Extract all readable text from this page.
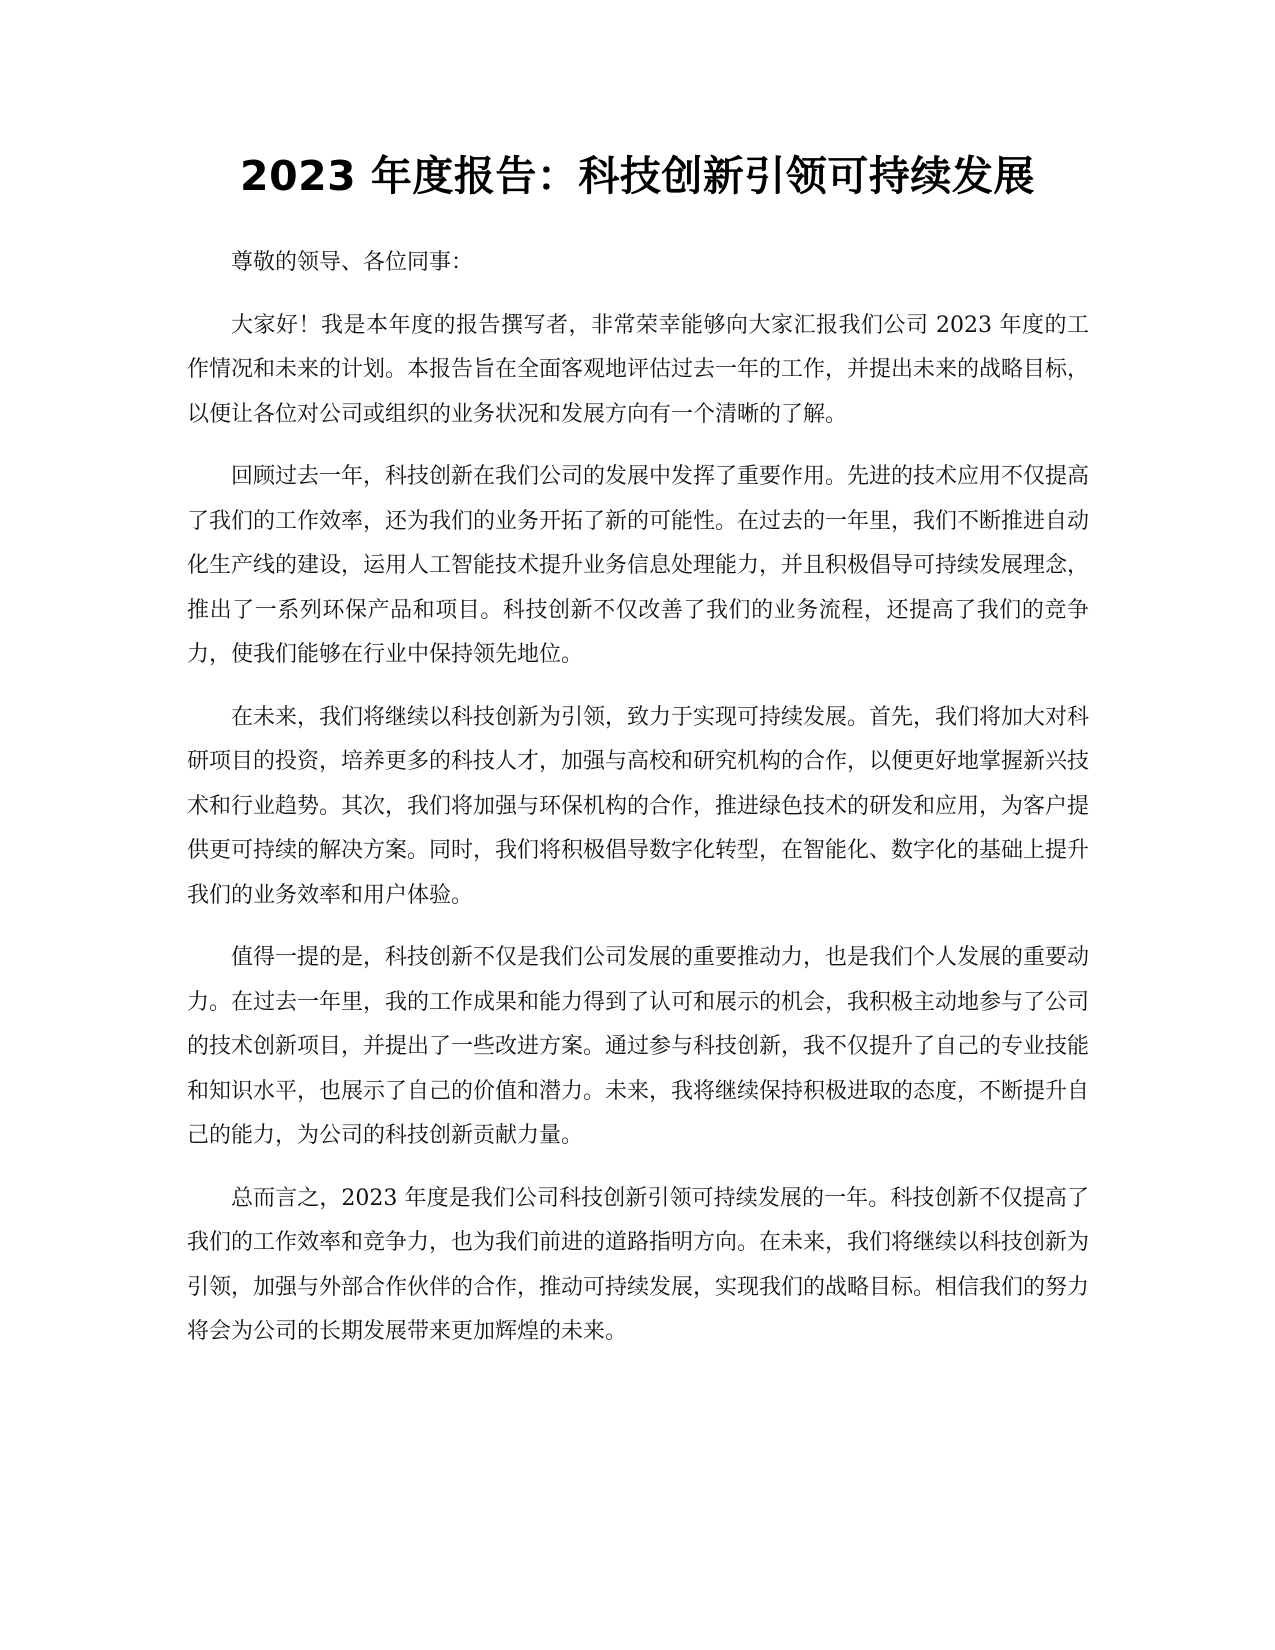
2023 年度报告：科技创新引领可持续发展

尊敬的领导、各位同事：

大家好！我是本年度的报告撰写者，非常荣幸能够向大家汇报我们公司 2023 年度的工作情况和未来的计划。本报告旨在全面客观地评估过去一年的工作，并提出未来的战略目标，以便让各位对公司或组织的业务状况和发展方向有一个清晰的了解。

回顾过去一年，科技创新在我们公司的发展中发挥了重要作用。先进的技术应用不仅提高了我们的工作效率，还为我们的业务开拓了新的可能性。在过去的一年里，我们不断推进自动化生产线的建设，运用人工智能技术提升业务信息处理能力，并且积极倡导可持续发展理念，推出了一系列环保产品和项目。科技创新不仅改善了我们的业务流程，还提高了我们的竞争力，使我们能够在行业中保持领先地位。

在未来，我们将继续以科技创新为引领，致力于实现可持续发展。首先，我们将加大对科研项目的投资，培养更多的科技人才，加强与高校和研究机构的合作，以便更好地掌握新兴技术和行业趋势。其次，我们将加强与环保机构的合作，推进绿色技术的研发和应用，为客户提供更可持续的解决方案。同时，我们将积极倡导数字化转型，在智能化、数字化的基础上提升我们的业务效率和用户体验。

值得一提的是，科技创新不仅是我们公司发展的重要推动力，也是我们个人发展的重要动力。在过去一年里，我的工作成果和能力得到了认可和展示的机会，我积极主动地参与了公司的技术创新项目，并提出了一些改进方案。通过参与科技创新，我不仅提升了自己的专业技能和知识水平，也展示了自己的价值和潜力。未来，我将继续保持积极进取的态度，不断提升自己的能力，为公司的科技创新贡献力量。

总而言之，2023 年度是我们公司科技创新引领可持续发展的一年。科技创新不仅提高了我们的工作效率和竞争力，也为我们前进的道路指明方向。在未来，我们将继续以科技创新为引领，加强与外部合作伙伴的合作，推动可持续发展，实现我们的战略目标。相信我们的努力将会为公司的长期发展带来更加辉煌的未来。
